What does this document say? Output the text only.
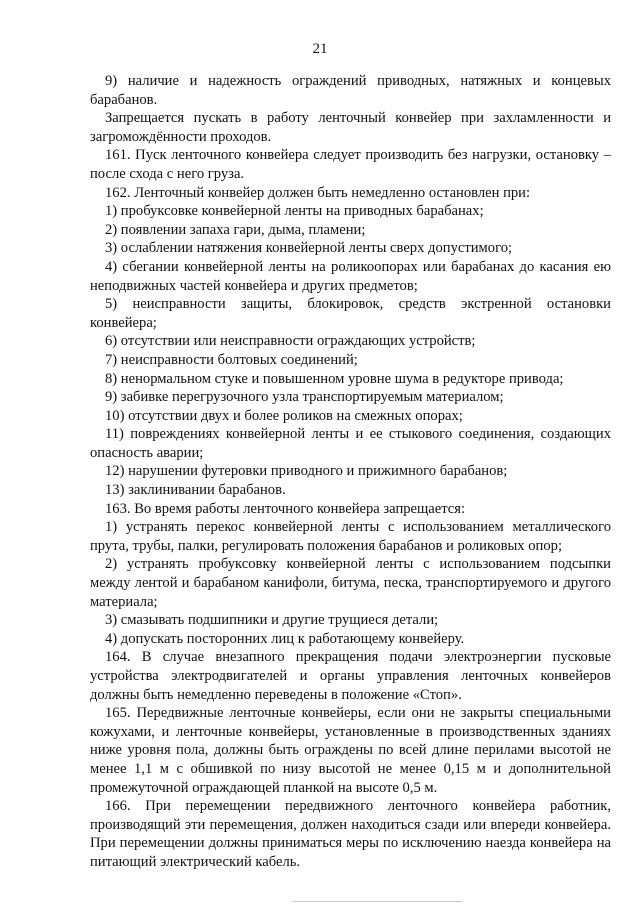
21

9) наличие и надежность ограждений приводных, натяжных и концевых барабанов.

Запрещается пускать в работу ленточный конвейер при захламленности и загромождённости проходов.

161. Пуск ленточного конвейера следует производить без нагрузки, остановку – после схода с него груза.

162. Ленточный конвейер должен быть немедленно остановлен при:

1) пробуксовке конвейерной ленты на приводных барабанах;

2) появлении запаха гари, дыма, пламени;

3) ослаблении натяжения конвейерной ленты сверх допустимого;

4) сбегании конвейерной ленты на роликоопорах или барабанах до касания ею неподвижных частей конвейера и других предметов;

5) неисправности защиты, блокировок, средств экстренной остановки конвейера;

6) отсутствии или неисправности ограждающих устройств;

7) неисправности болтовых соединений;

8) ненормальном стуке и повышенном уровне шума в редукторе привода;

9) забивке перегрузочного узла транспортируемым материалом;

10) отсутствии двух и более роликов на смежных опорах;

11) повреждениях конвейерной ленты и ее стыкового соединения, создающих опасность аварии;

12) нарушении футеровки приводного и прижимного барабанов;

13) заклинивании барабанов.

163. Во время работы ленточного конвейера запрещается:

1) устранять перекос конвейерной ленты с использованием металлического прута, трубы, палки, регулировать положения барабанов и роликовых опор;

2) устранять пробуксовку конвейерной ленты с использованием подсыпки между лентой и барабаном канифоли, битума, песка, транспортируемого и другого материала;

3) смазывать подшипники и другие трущиеся детали;

4) допускать посторонних лиц к работающему конвейеру.

164. В случае внезапного прекращения подачи электроэнергии пусковые устройства электродвигателей и органы управления ленточных конвейеров должны быть немедленно переведены в положение «Стоп».

165. Передвижные ленточные конвейеры, если они не закрыты специальными кожухами, и ленточные конвейеры, установленные в производственных зданиях ниже уровня пола, должны быть ограждены по всей длине перилами высотой не менее 1,1 м с обшивкой по низу высотой не менее 0,15 м и дополнительной промежуточной ограждающей планкой на высоте 0,5 м.

166. При перемещении передвижного ленточного конвейера работник, производящий эти перемещения, должен находиться сзади или впереди конвейера. При перемещении должны приниматься меры по исключению наезда конвейера на питающий электрический кабель.
